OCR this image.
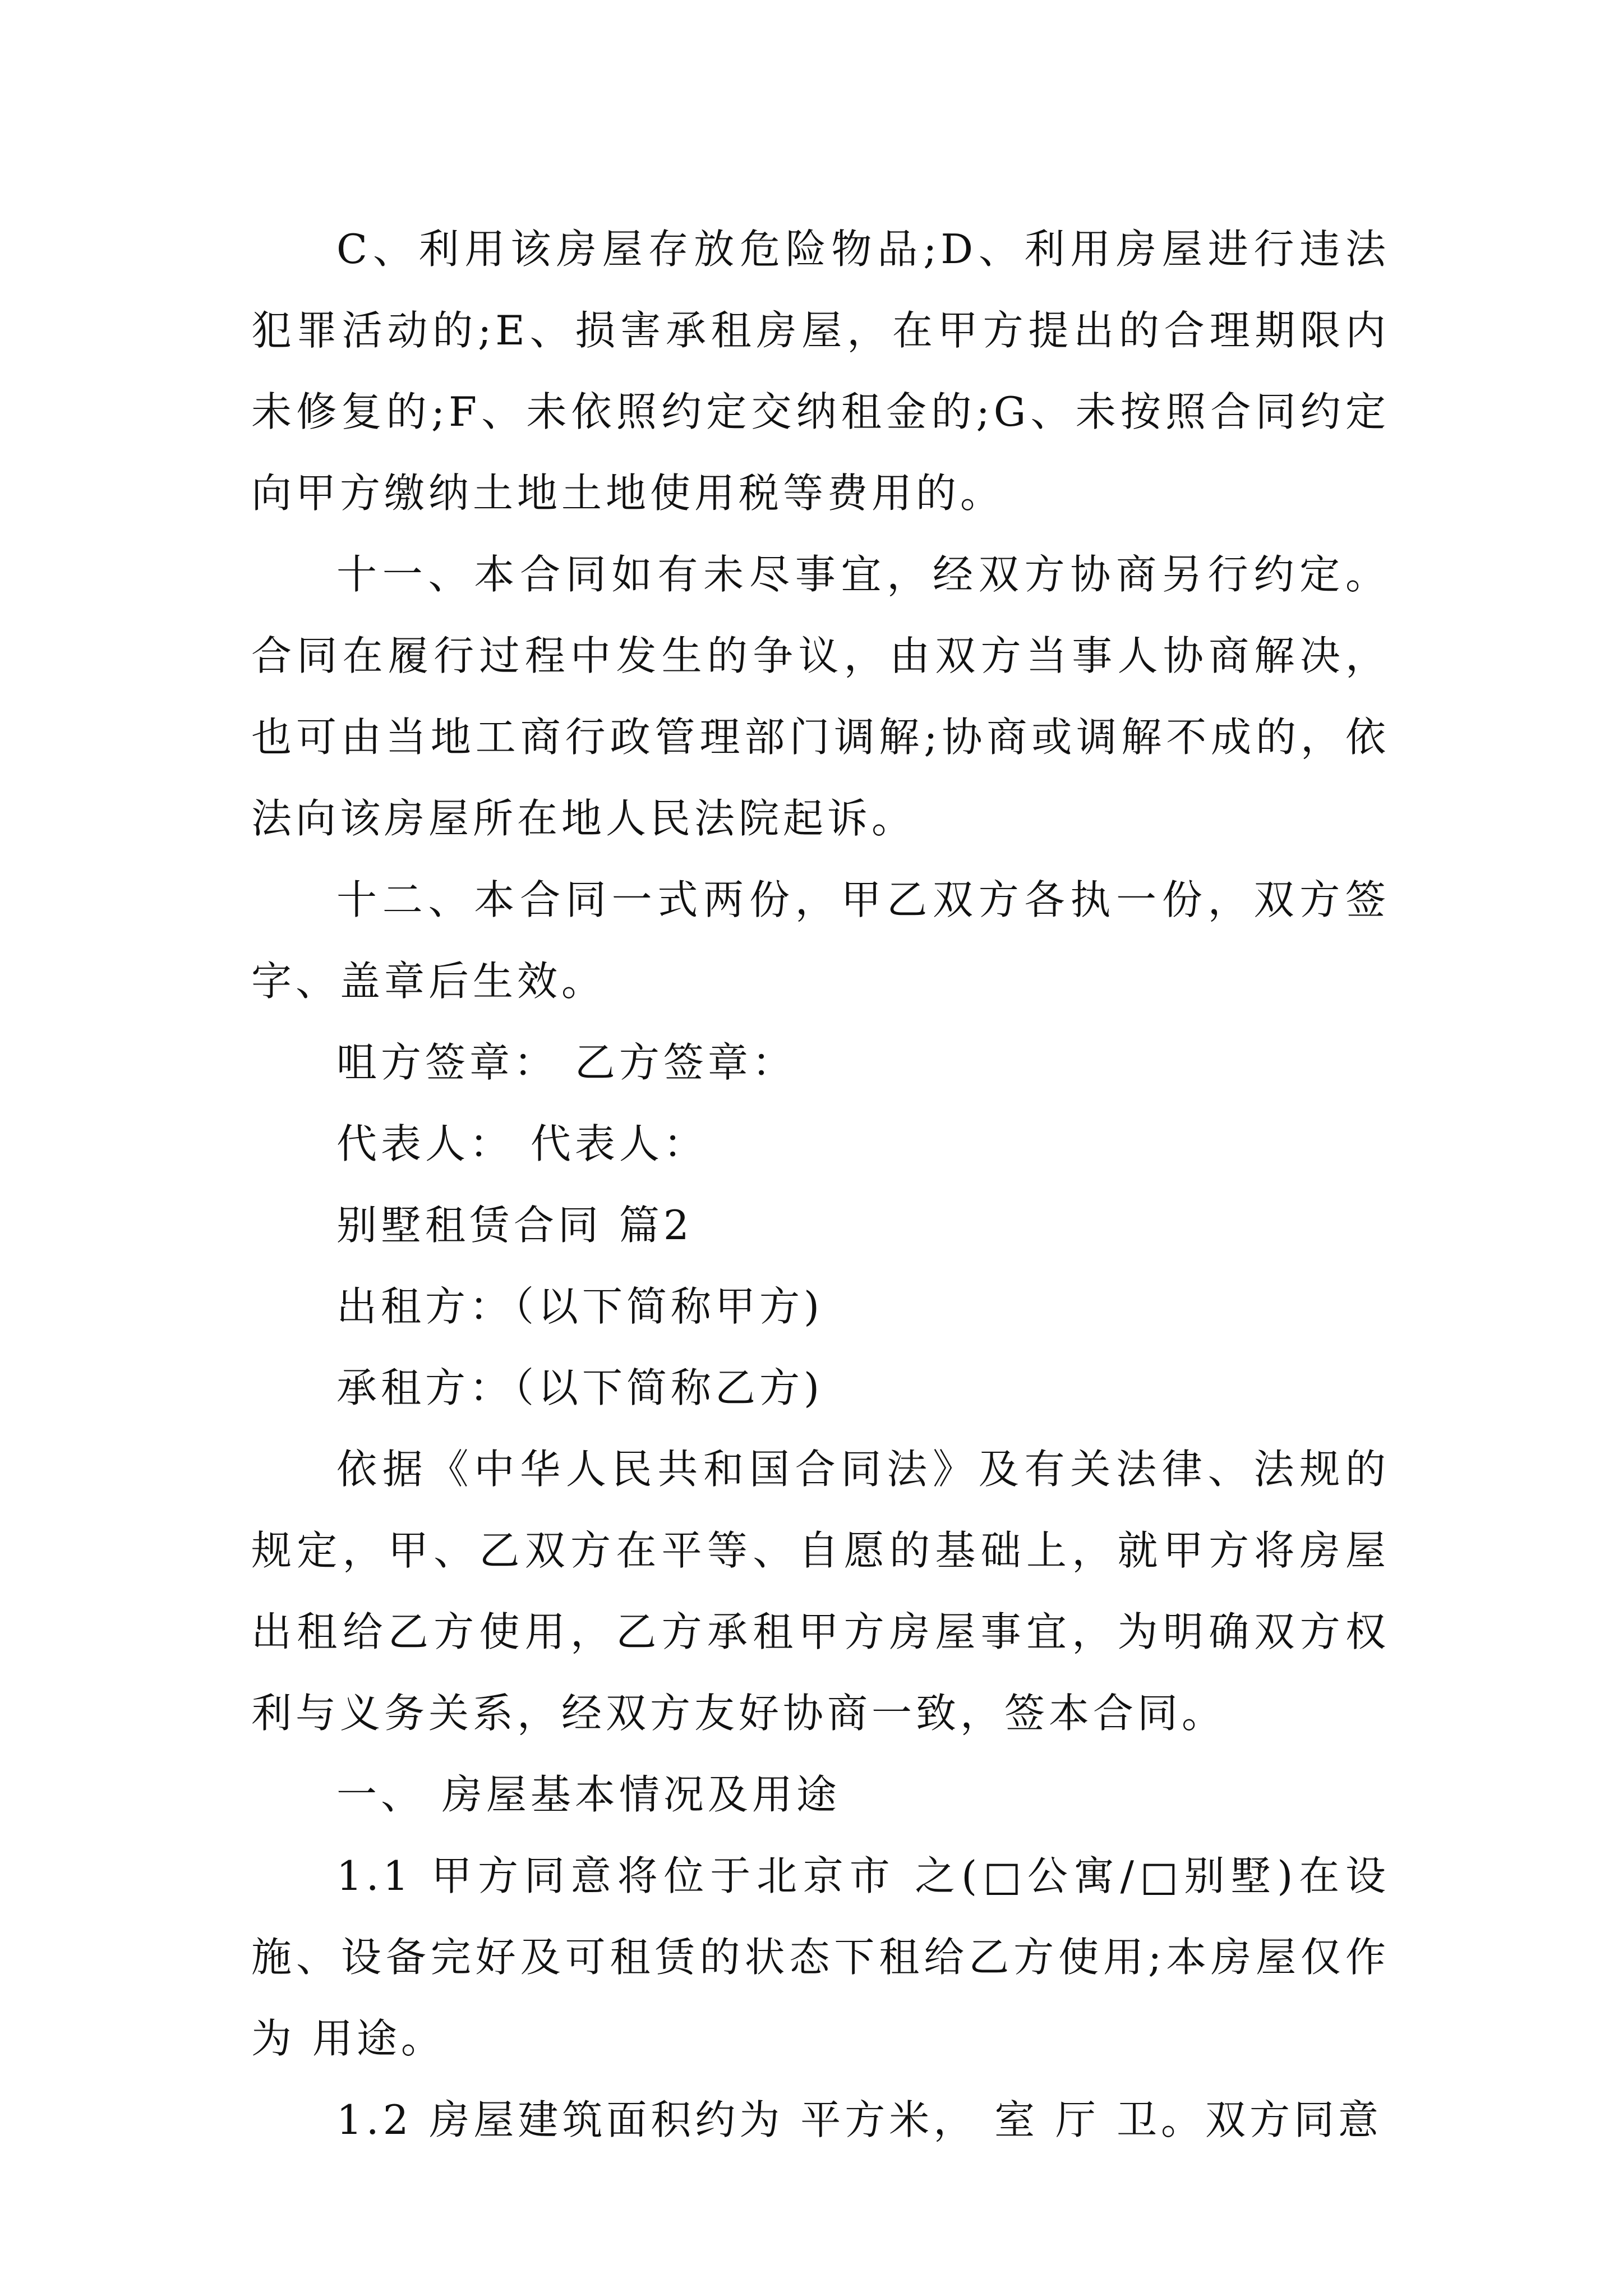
C、利用该房屋存放危险物品;D、利用房屋进行违法犯罪活动的;E、损害承租房屋，在甲方提出的合理期限内未修复的;F、未依照约定交纳租金的;G、未按照合同约定向甲方缴纳土地土地使用税等费用的。

十一、本合同如有未尽事宜，经双方协商另行约定。合同在履行过程中发生的争议，由双方当事人协商解决，也可由当地工商行政管理部门调解;协商或调解不成的，依法向该房屋所在地人民法院起诉。

十二、本合同一式两份，甲乙双方各执一份，双方签字、盖章后生效。

咀方签章： 乙方签章：

代表人： 代表人：

别墅租赁合同 篇2

出租方：（以下简称甲方)

承租方：（以下简称乙方)

依据《中华人民共和国合同法》及有关法律、法规的规定，甲、乙双方在平等、自愿的基础上，就甲方将房屋出租给乙方使用，乙方承租甲方房屋事宜，为明确双方权利与义务关系，经双方友好协商一致，签本合同。

一、 房屋基本情况及用途

1.1 甲方同意将位于北京市 之(□公寓/□别墅)在设施、设备完好及可租赁的状态下租给乙方使用;本房屋仅作为 用途。

1.2 房屋建筑面积约为 平方米， 室 厅 卫。双方同意
